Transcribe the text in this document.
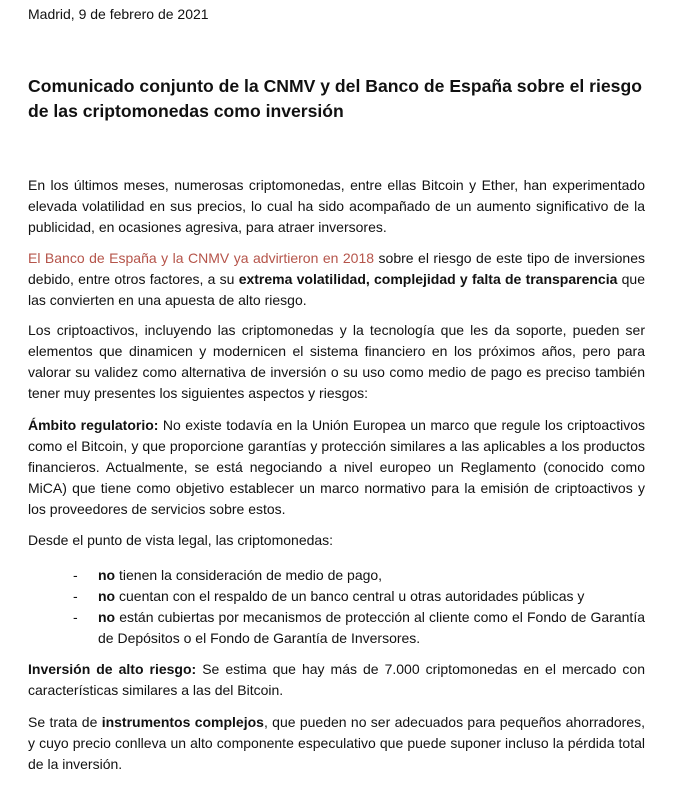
Madrid, 9 de febrero de 2021
Comunicado conjunto de la CNMV y del Banco de España sobre el riesgo de las criptomonedas como inversión

En los últimos meses, numerosas criptomonedas, entre ellas Bitcoin y Ether, han experimentado elevada volatilidad en sus precios, lo cual ha sido acompañado de un aumento significativo de la publicidad, en ocasiones agresiva, para atraer inversores.

El Banco de España y la CNMV ya advirtieron en 2018 sobre el riesgo de este tipo de inversiones debido, entre otros factores, a su extrema volatilidad, complejidad y falta de transparencia que las convierten en una apuesta de alto riesgo.

Los criptoactivos, incluyendo las criptomonedas y la tecnología que les da soporte, pueden ser elementos que dinamicen y modernicen el sistema financiero en los próximos años, pero para valorar su validez como alternativa de inversión o su uso como medio de pago es preciso también tener muy presentes los siguientes aspectos y riesgos:

Ámbito regulatorio: No existe todavía en la Unión Europea un marco que regule los criptoactivos como el Bitcoin, y que proporcione garantías y protección similares a las aplicables a los productos financieros. Actualmente, se está negociando a nivel europeo un Reglamento (conocido como MiCA) que tiene como objetivo establecer un marco normativo para la emisión de criptoactivos y los proveedores de servicios sobre estos.

Desde el punto de vista legal, las criptomonedas:

- no tienen la consideración de medio de pago,
- no cuentan con el respaldo de un banco central u otras autoridades públicas y
- no están cubiertas por mecanismos de protección al cliente como el Fondo de Garantía de Depósitos o el Fondo de Garantía de Inversores.

Inversión de alto riesgo: Se estima que hay más de 7.000 criptomonedas en el mercado con características similares a las del Bitcoin.

Se trata de instrumentos complejos, que pueden no ser adecuados para pequeños ahorradores, y cuyo precio conlleva un alto componente especulativo que puede suponer incluso la pérdida total de la inversión.
